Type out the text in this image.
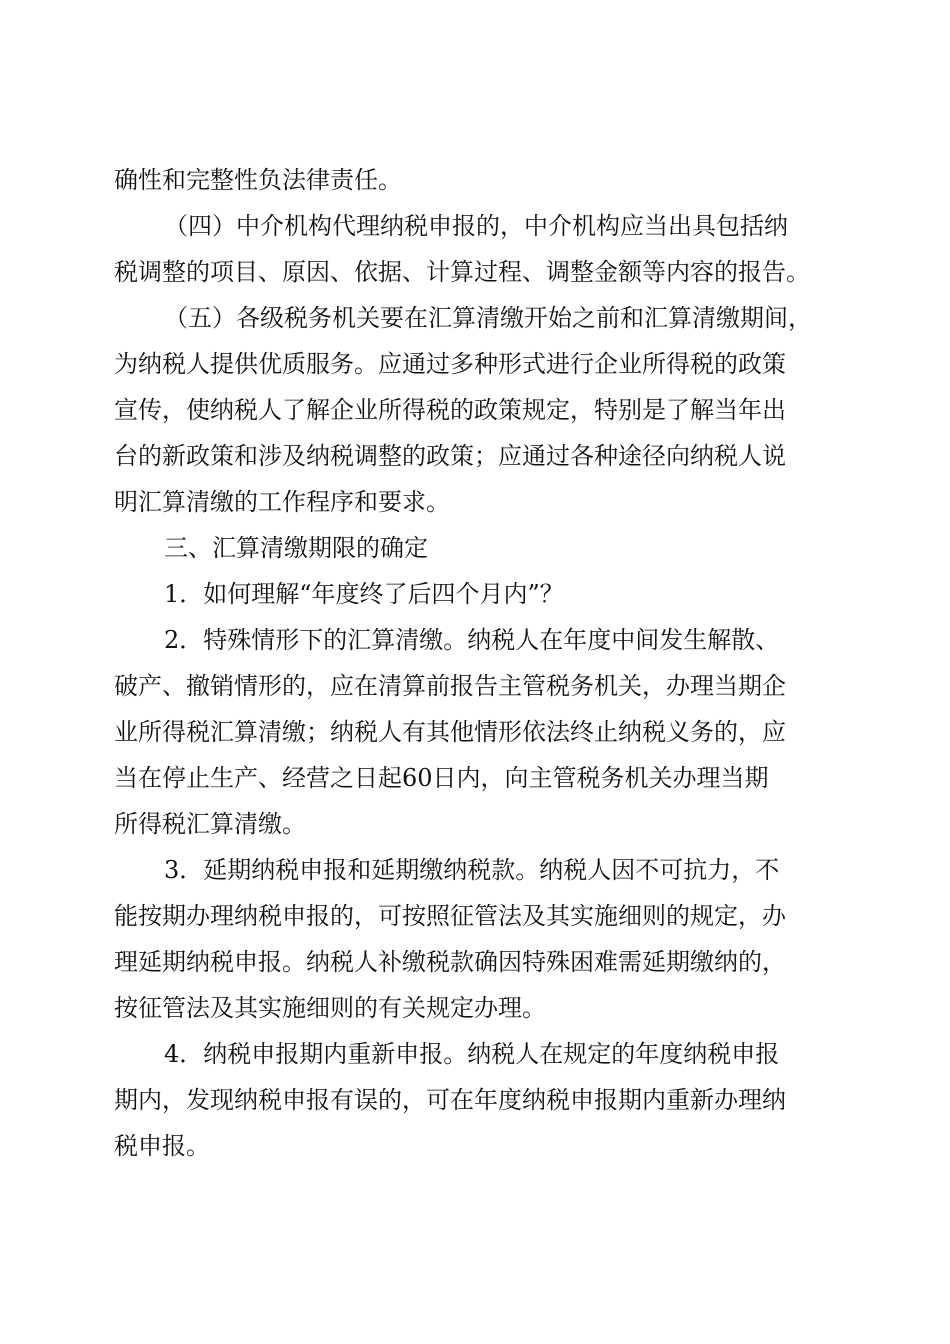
确性和完整性负法律责任。
（四）中介机构代理纳税申报的，中介机构应当出具包括纳
税调整的项目、原因、依据、计算过程、调整金额等内容的报告。
（五）各级税务机关要在汇算清缴开始之前和汇算清缴期间，
为纳税人提供优质服务。应通过多种形式进行企业所得税的政策
宣传，使纳税人了解企业所得税的政策规定，特别是了解当年出
台的新政策和涉及纳税调整的政策；应通过各种途径向纳税人说
明汇算清缴的工作程序和要求。
三、汇算清缴期限的确定
1．如何理解“年度终了后四个月内”？
2．特殊情形下的汇算清缴。纳税人在年度中间发生解散、
破产、撤销情形的，应在清算前报告主管税务机关，办理当期企
业所得税汇算清缴；纳税人有其他情形依法终止纳税义务的，应
当在停止生产、经营之日起60日内，向主管税务机关办理当期
所得税汇算清缴。
3．延期纳税申报和延期缴纳税款。纳税人因不可抗力，不
能按期办理纳税申报的，可按照征管法及其实施细则的规定，办
理延期纳税申报。纳税人补缴税款确因特殊困难需延期缴纳的，
按征管法及其实施细则的有关规定办理。
4．纳税申报期内重新申报。纳税人在规定的年度纳税申报
期内，发现纳税申报有误的，可在年度纳税申报期内重新办理纳
税申报。
